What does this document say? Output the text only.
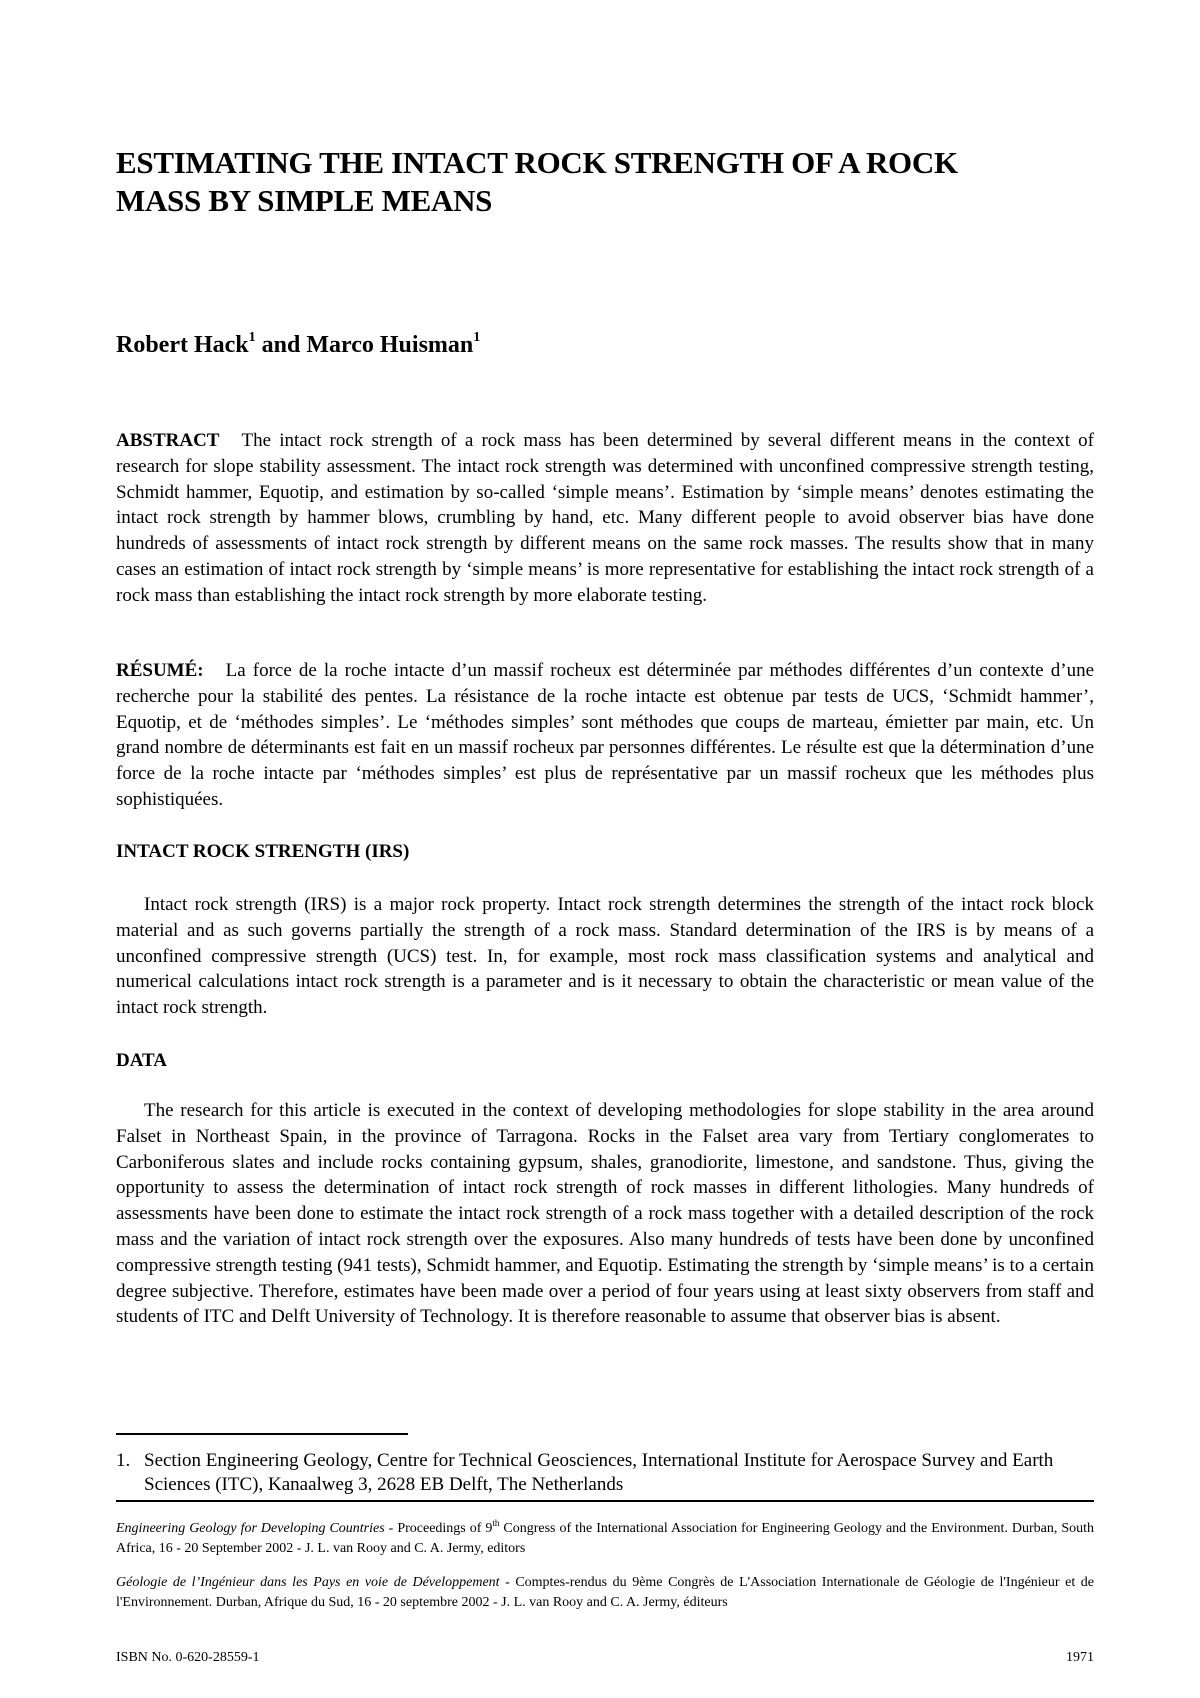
ESTIMATING THE INTACT ROCK STRENGTH OF A ROCK MASS BY SIMPLE MEANS

Robert Hack$^1$ and Marco Huisman$^1$

ABSTRACT The intact rock strength of a rock mass has been determined by several different means in the context of research for slope stability assessment. The intact rock strength was determined with unconfined compressive strength testing, Schmidt hammer, Equotip, and estimation by so-called ‘simple means’. Estimation by ‘simple means’ denotes estimating the intact rock strength by hammer blows, crumbling by hand, etc. Many different people to avoid observer bias have done hundreds of assessments of intact rock strength by different means on the same rock masses. The results show that in many cases an estimation of intact rock strength by ‘simple means’ is more representative for establishing the intact rock strength of a rock mass than establishing the intact rock strength by more elaborate testing.

RÉSUMÉ: La force de la roche intacte d’un massif rocheux est déterminée par méthodes différentes d’un contexte d’une recherche pour la stabilité des pentes. La résistance de la roche intacte est obtenue par tests de UCS, ‘Schmidt hammer’, Equotip, et de ‘méthodes simples’. Le ‘méthodes simples’ sont méthodes que coups de marteau, émietter par main, etc. Un grand nombre de déterminants est fait en un massif rocheux par personnes différentes. Le résulte est que la détermination d’une force de la roche intacte par ‘méthodes simples’ est plus de représentative par un massif rocheux que les méthodes plus sophistiquées.

INTACT ROCK STRENGTH (IRS)

Intact rock strength (IRS) is a major rock property. Intact rock strength determines the strength of the intact rock block material and as such governs partially the strength of a rock mass. Standard determination of the IRS is by means of a unconfined compressive strength (UCS) test. In, for example, most rock mass classification systems and analytical and numerical calculations intact rock strength is a parameter and is it necessary to obtain the characteristic or mean value of the intact rock strength.

DATA

The research for this article is executed in the context of developing methodologies for slope stability in the area around Falset in Northeast Spain, in the province of Tarragona. Rocks in the Falset area vary from Tertiary conglomerates to Carboniferous slates and include rocks containing gypsum, shales, granodiorite, limestone, and sandstone. Thus, giving the opportunity to assess the determination of intact rock strength of rock masses in different lithologies. Many hundreds of assessments have been done to estimate the intact rock strength of a rock mass together with a detailed description of the rock mass and the variation of intact rock strength over the exposures. Also many hundreds of tests have been done by unconfined compressive strength testing (941 tests), Schmidt hammer, and Equotip. Estimating the strength by ‘simple means’ is to a certain degree subjective. Therefore, estimates have been made over a period of four years using at least sixty observers from staff and students of ITC and Delft University of Technology. It is therefore reasonable to assume that observer bias is absent.

1. Section Engineering Geology, Centre for Technical Geosciences, International Institute for Aerospace Survey and Earth Sciences (ITC), Kanaalweg 3, 2628 EB Delft, The Netherlands

Engineering Geology for Developing Countries - Proceedings of 9th Congress of the International Association for Engineering Geology and the Environment. Durban, South Africa, 16 - 20 September 2002 - J. L. van Rooy and C. A. Jermy, editors

Géologie de l’Ingénieur dans les Pays en voie de Développement - Comptes-rendus du 9ème Congrès de L'Association Internationale de Géologie de l'Ingénieur et de l'Environnement. Durban, Afrique du Sud, 16 - 20 septembre 2002 - J. L. van Rooy and C. A. Jermy, éditeurs

ISBN No. 0-620-28559-1	1971
